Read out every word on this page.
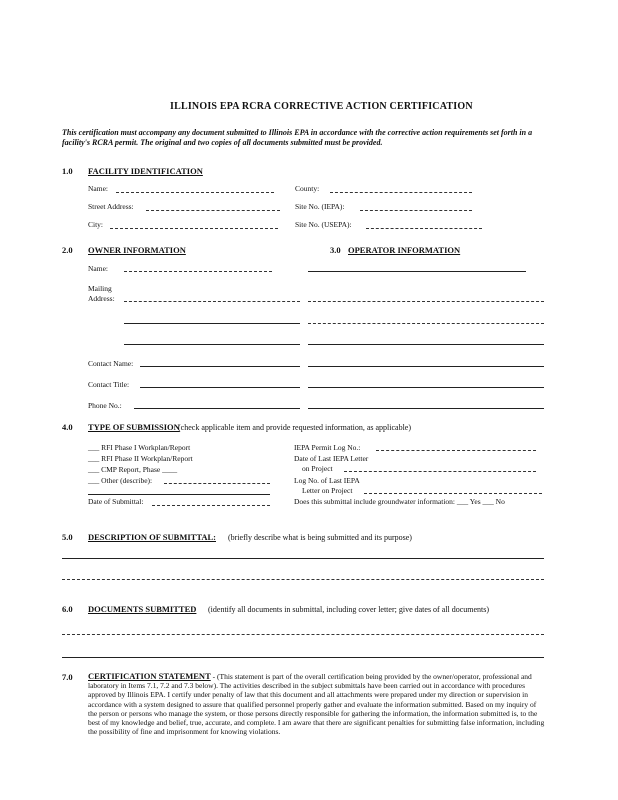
ILLINOIS EPA RCRA CORRECTIVE ACTION CERTIFICATION
This certification must accompany any document submitted to Illinois EPA in accordance with the corrective action requirements set forth in a facility's RCRA permit. The original and two copies of all documents submitted must be provided.
1.0 FACILITY IDENTIFICATION
Name:	County:
Street Address:	Site No. (IEPA):
City:	Site No. (USEPA):
2.0 OWNER INFORMATION	3.0 OPERATOR INFORMATION
Name:
Mailing
Address:
Contact Name:
Contact Title:
Phone No.:
4.0 TYPE OF SUBMISSION
(check applicable item and provide requested information, as applicable)
___ RFI Phase I Workplan/Report
___ RFI Phase II Workplan/Report
___ CMP Report, Phase ____
___ Other (describe):
Date of Submittal:
IEPA Permit Log No.:
Date of Last IEPA Letter
on Project
Log No. of Last IEPA
Letter on Project
Does this submittal include groundwater information: ___ Yes ___ No
5.0 DESCRIPTION OF SUBMITTAL: (briefly describe what is being submitted and its purpose)
6.0 DOCUMENTS SUBMITTED (identify all documents in submittal, including cover letter; give dates of all documents)
7.0 CERTIFICATION STATEMENT - (This statement is part of the overall certification being provided by the owner/operator, professional and laboratory in Items 7.1, 7.2 and 7.3 below). The activities described in the subject submittals have been carried out in accordance with procedures approved by Illinois EPA. I certify under penalty of law that this document and all attachments were prepared under my direction or supervision in accordance with a system designed to assure that qualified personnel properly gather and evaluate the information submitted. Based on my inquiry of the person or persons who manage the system, or those persons directly responsible for gathering the information, the information submitted is, to the best of my knowledge and belief, true, accurate, and complete. I am aware that there are significant penalties for submitting false information, including the possibility of fine and imprisonment for knowing violations.
